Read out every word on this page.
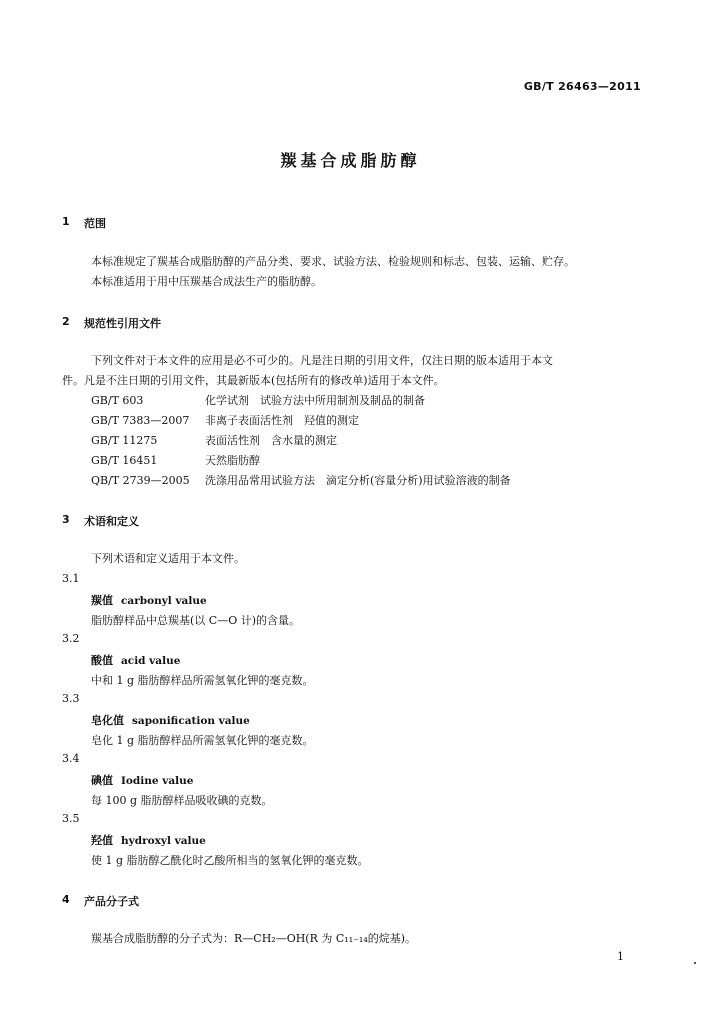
GB/T 26463—2011
羰基合成脂肪醇
1 范围
本标准规定了羰基合成脂肪醇的产品分类、要求、试验方法、检验规则和标志、包装、运输、贮存。
本标准适用于用中压羰基合成法生产的脂肪醇。
2 规范性引用文件
下列文件对于本文件的应用是必不可少的。凡是注日期的引用文件，仅注日期的版本适用于本文
件。凡是不注日期的引用文件，其最新版本(包括所有的修改单)适用于本文件。
GB/T 603	化学试剂　试验方法中所用制剂及制品的制备
GB/T 7383—2007 非离子表面活性剂　羟值的测定
GB/T 11275	表面活性剂　含水量的测定
GB/T 16451	天然脂肪醇
QB/T 2739—2005 洗涤用品常用试验方法　滴定分析(容量分析)用试验溶液的制备
3 术语和定义
下列术语和定义适用于本文件。
3.1
羰值 carbonyl value
脂肪醇样品中总羰基(以 C—O 计)的含量。
3.2
酸值 acid value
中和 1 g 脂肪醇样品所需氢氧化钾的毫克数。
3.3
皂化值 saponification value
皂化 1 g 脂肪醇样品所需氢氧化钾的毫克数。
3.4
碘值 Iodine value
每 100 g 脂肪醇样品吸收碘的克数。
3.5
羟值 hydroxyl value
使 1 g 脂肪醇乙酰化时乙酸所相当的氢氧化钾的毫克数。
4 产品分子式
羰基合成脂肪醇的分子式为：R—CH₂—OH(R 为 C₁₁₋₁₄的烷基)。
1
